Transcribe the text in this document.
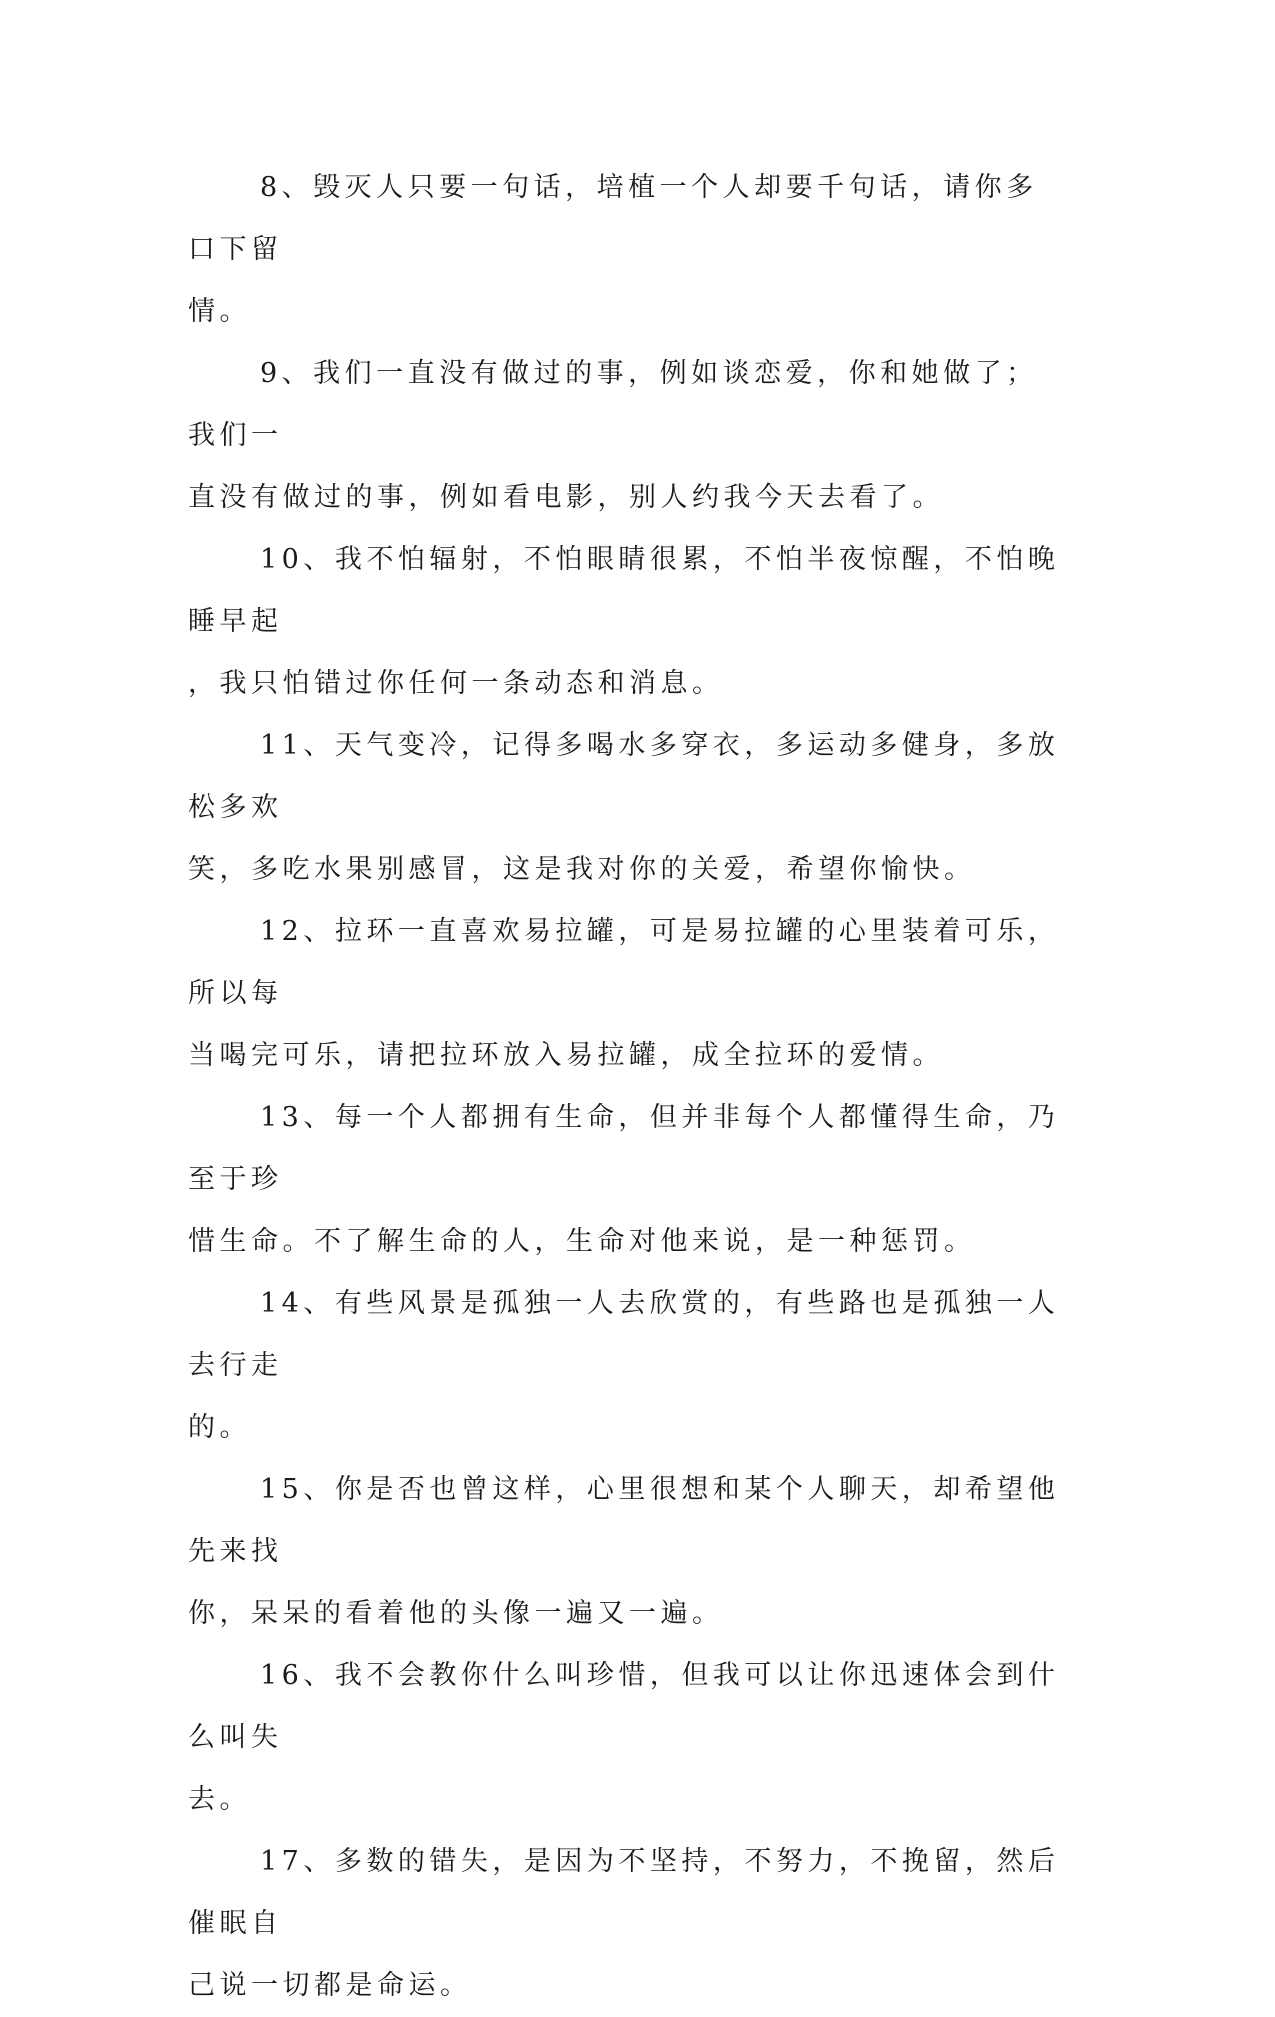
8、毁灭人只要一句话，培植一个人却要千句话，请你多口下留
情。

9、我们一直没有做过的事，例如谈恋爱，你和她做了；我们一
直没有做过的事，例如看电影，别人约我今天去看了。

10、我不怕辐射，不怕眼睛很累，不怕半夜惊醒，不怕晚睡早起
，我只怕错过你任何一条动态和消息。

11、天气变冷，记得多喝水多穿衣，多运动多健身，多放松多欢
笑，多吃水果别感冒，这是我对你的关爱，希望你愉快。

12、拉环一直喜欢易拉罐，可是易拉罐的心里装着可乐，所以每
当喝完可乐，请把拉环放入易拉罐，成全拉环的爱情。

13、每一个人都拥有生命，但并非每个人都懂得生命，乃至于珍
惜生命。不了解生命的人，生命对他来说，是一种惩罚。

14、有些风景是孤独一人去欣赏的，有些路也是孤独一人去行走
的。

15、你是否也曾这样，心里很想和某个人聊天，却希望他先来找
你，呆呆的看着他的头像一遍又一遍。

16、我不会教你什么叫珍惜，但我可以让你迅速体会到什么叫失
去。

17、多数的错失，是因为不坚持，不努力，不挽留，然后催眠自
己说一切都是命运。
